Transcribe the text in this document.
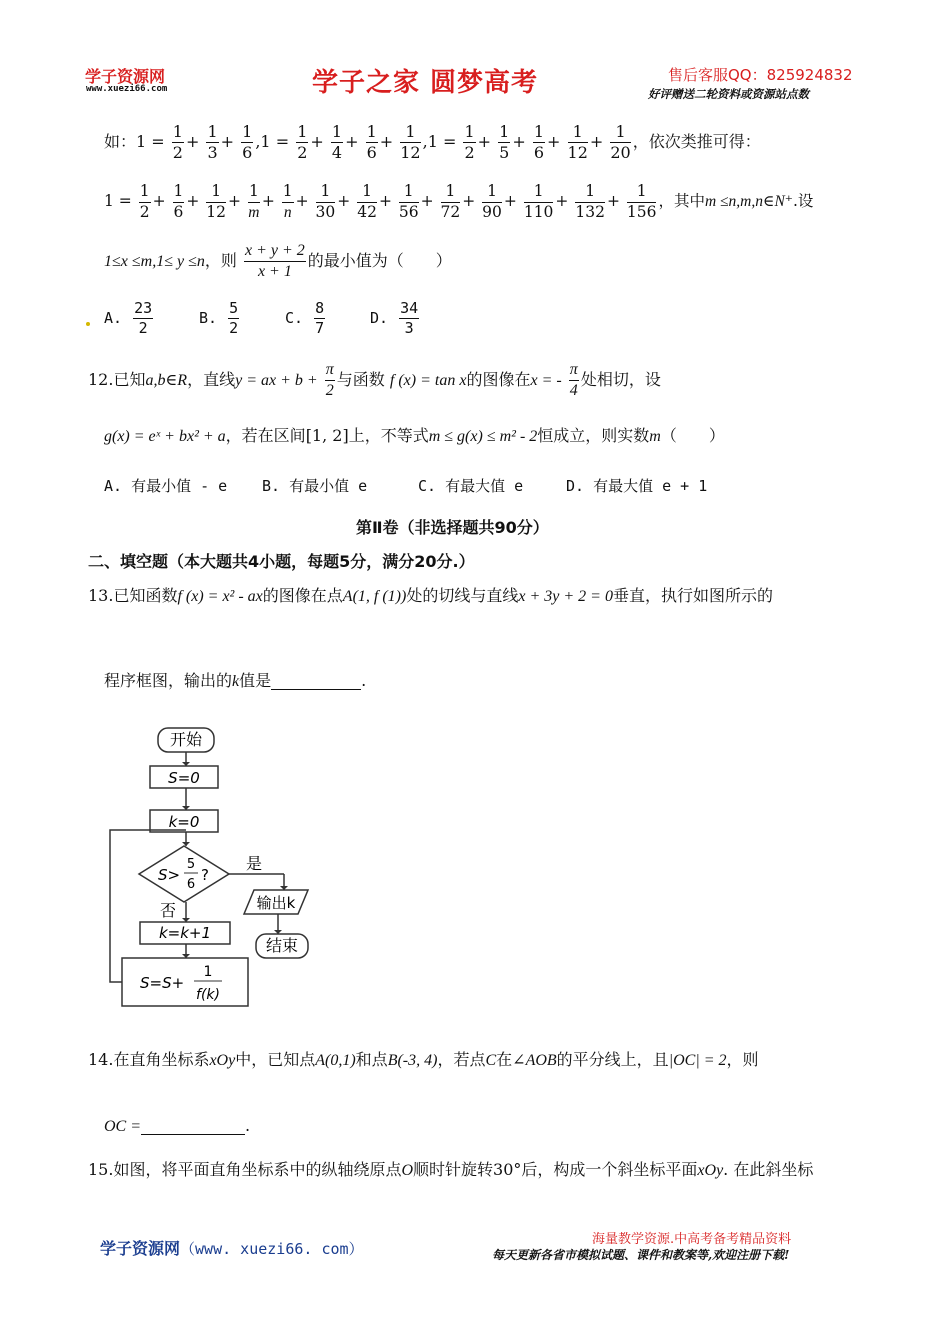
学子资源网
www.xuezi66.com	学子之家 圆梦高考	售后客服QQ：825924832
好评赠送二轮资料或资源站点数
如：$1 = \frac{1}{2} + \frac{1}{3} + \frac{1}{6} ,1 = \frac{1}{2} + \frac{1}{4} + \frac{1}{6} + \frac{1}{12} ,1 = \frac{1}{2} + \frac{1}{5} + \frac{1}{6} + \frac{1}{12} + \frac{1}{20}$ ，依次类推可得：
$1 = \frac{1}{2} + \frac{1}{6} + \frac{1}{12} + \frac{1}{m} + \frac{1}{n} + \frac{1}{30} + \frac{1}{42} + \frac{1}{56} + \frac{1}{72} + \frac{1}{90} + \frac{1}{110} + \frac{1}{132} + \frac{1}{156}$ ，其中m ≤n,m,n∈N⁺.设
1≤x ≤m,1≤ y ≤n，则 $\frac{x + y + 2}{x + 1}$ 的最小值为（　　）
A. $\frac{23}{2}$	B. $\frac{5}{2}$	C. $\frac{8}{7}$	D. $\frac{34}{3}$
12.已知a,b∈R，直线y = ax + $b + \frac{\pi}{2}$ 与函数 f (x) = tan x的图像在x = - $\frac{\pi}{4}$ 处相切，设
g(x) = eˣ + bx² + a，若在区间[1, 2]上，不等式m ≤ g(x) ≤ m² - 2恒成立，则实数m（　　）
A. 有最小值 - e B. 有最小值 e	C. 有最大值 e	D. 有最大值 e + 1
第Ⅱ卷（非选择题共90分）
二、填空题（本大题共4小题，每题5分，满分20分.）
13.已知函数f (x) = x² - ax的图像在点A(1, f (1))处的切线与直线x + 3y + 2 = 0垂直，执行如图所示的
程序框图，输出的k值是	.
开始
S=0
k=0
S>
5
6
?
是
否	输出k
结束
k=k+1
S=S+
1
f(k)
14.在直角坐标系xOy中，已知点A(0,1)和点B(-3, 4)，若点C在∠AOB的平分线上，且|OC| = 2，则
OC =	.
15.如图，将平面直角坐标系中的纵轴绕原点O顺时针旋转30°后，构成一个斜坐标平面xOy. 在此斜坐标
学子资源网（www. xuezi66. com）
海量教学资源.中高考备考精品资料
每天更新各省市模拟试题、课件和教案等,欢迎注册下载!
